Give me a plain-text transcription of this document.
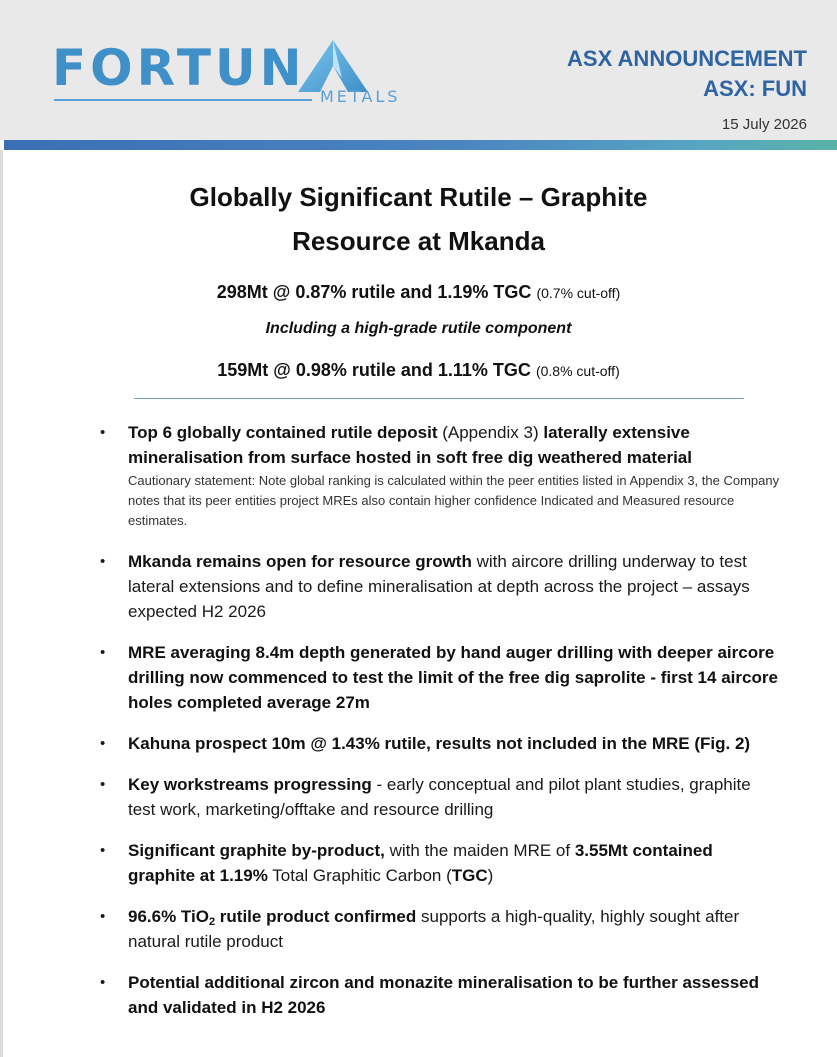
FORTUN METALS
ASX ANNOUNCEMENT
ASX: FUN
15 July 2026
Globally Significant Rutile – Graphite
Resource at Mkanda
298Mt @ 0.87% rutile and 1.19% TGC (0.7% cut-off)
Including a high-grade rutile component
159Mt @ 0.98% rutile and 1.11% TGC (0.8% cut-off)
•	Top 6 globally contained rutile deposit (Appendix 3) laterally extensive mineralisation from surface hosted in soft free dig weathered material
Cautionary statement: Note global ranking is calculated within the peer entities listed in Appendix 3, the Company notes that its peer entities project MREs also contain higher confidence Indicated and Measured resource estimates.
•	Mkanda remains open for resource growth with aircore drilling underway to test lateral extensions and to define mineralisation at depth across the project – assays expected H2 2026
•	MRE averaging 8.4m depth generated by hand auger drilling with deeper aircore drilling now commenced to test the limit of the free dig saprolite - first 14 aircore holes completed average 27m
•	Kahuna prospect 10m @ 1.43% rutile, results not included in the MRE (Fig. 2)
•	Key workstreams progressing - early conceptual and pilot plant studies, graphite test work, marketing/offtake and resource drilling
•	Significant graphite by-product, with the maiden MRE of 3.55Mt contained graphite at 1.19% Total Graphitic Carbon (TGC)
•	96.6% TiO$_2$ rutile product confirmed supports a high-quality, highly sought after natural rutile product
•	Potential additional zircon and monazite mineralisation to be further assessed and validated in H2 2026
